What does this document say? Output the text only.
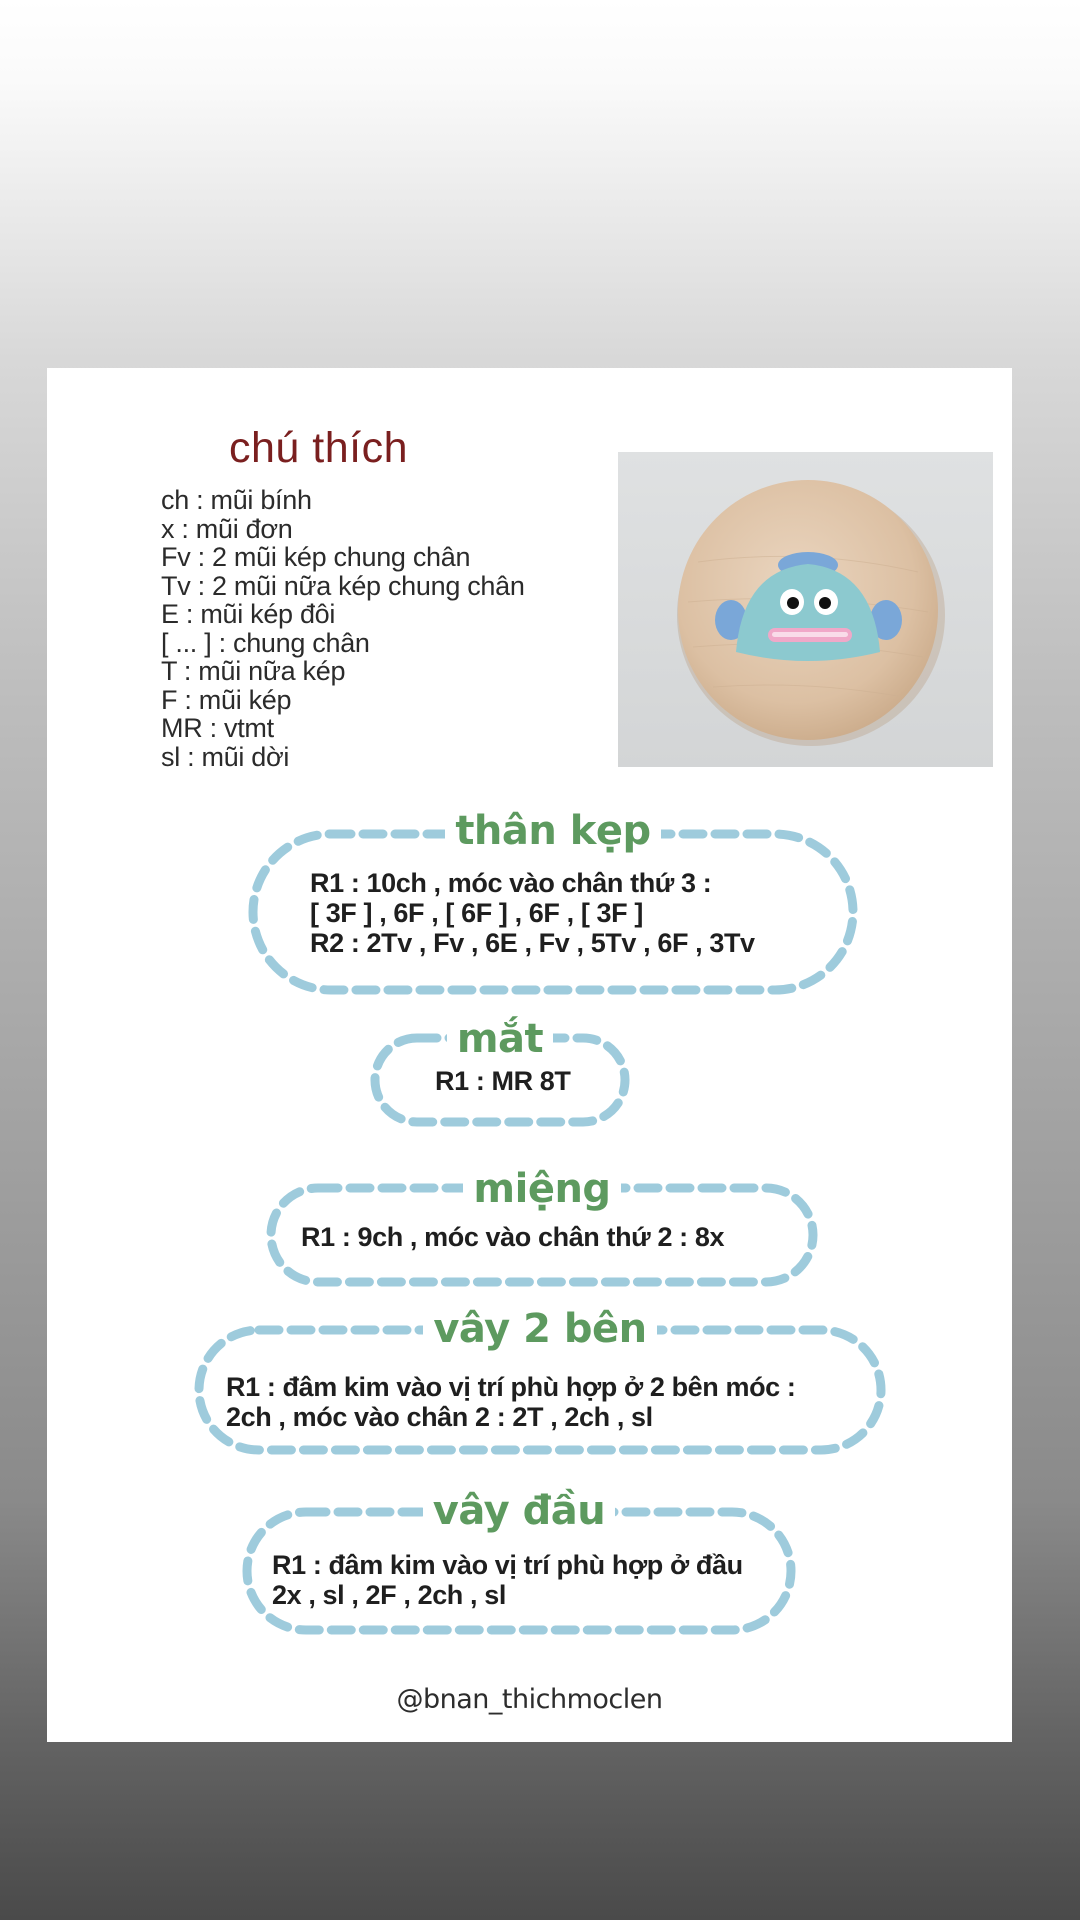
chú thích
ch : mũi bính
x : mũi đơn
Fv : 2 mũi kép chung chân
Tv : 2 mũi nữa kép chung chân
E : mũi kép đôi
[ ... ] : chung chân
T : mũi nữa kép
F : mũi kép
MR : vtmt
sl : mũi dời
thân kẹp
R1 : 10ch , móc vào chân thứ 3 :
[ 3F ] , 6F , [ 6F ] , 6F , [ 3F ]
R2 : 2Tv , Fv , 6E , Fv , 5Tv , 6F , 3Tv
mắt
R1 : MR 8T
miệng
R1 : 9ch , móc vào chân thứ 2 : 8x
vây 2 bên
R1 : đâm kim vào vị trí phù hợp ở 2 bên móc :
2ch , móc vào chân 2 : 2T , 2ch , sl
vây đầu
R1 : đâm kim vào vị trí phù hợp ở đầu
2x , sl , 2F , 2ch , sl
@bnan_thichmoclen
